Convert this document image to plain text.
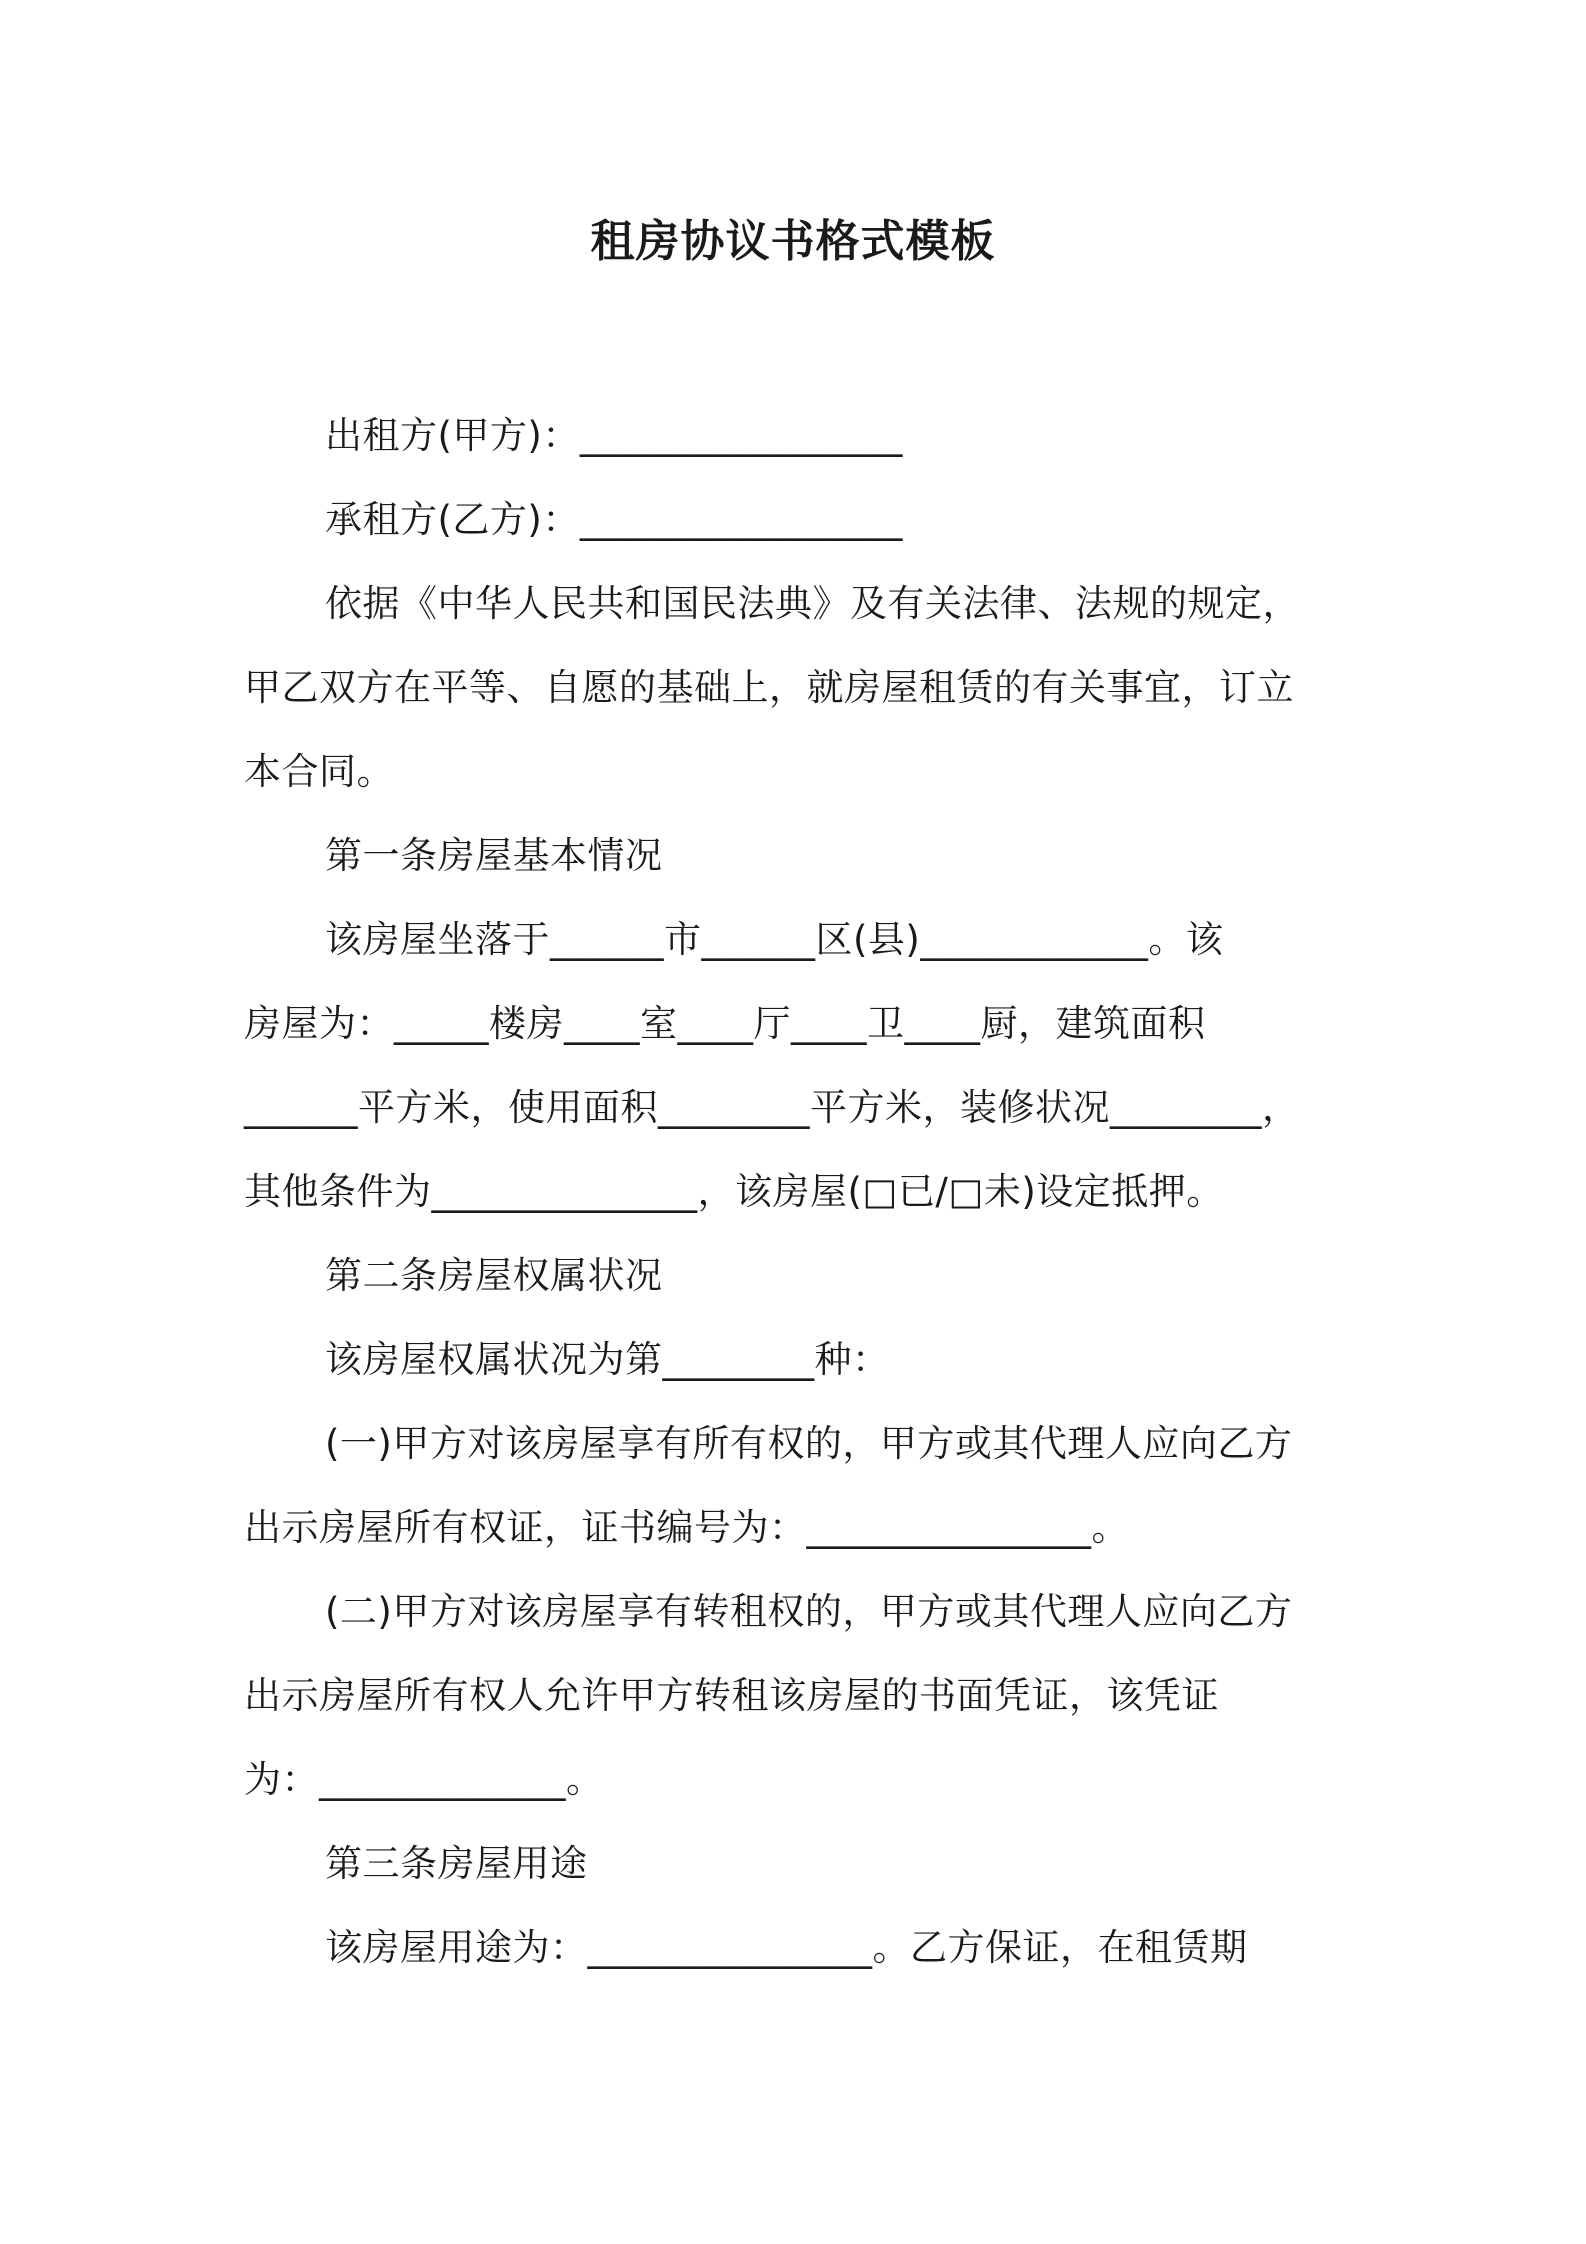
租房协议书格式模板
出租方(甲方)：_________________
承租方(乙方)：_________________
依据《中华人民共和国民法典》及有关法律、法规的规定，
甲乙双方在平等、自愿的基础上，就房屋租赁的有关事宜，订立
本合同。
第一条房屋基本情况
该房屋坐落于______市______区(县)____________。该
房屋为：_____楼房____室____厅____卫____厨，建筑面积
______平方米，使用面积________平方米，装修状况________，
其他条件为______________，该房屋(□已/□未)设定抵押。
第二条房屋权属状况
该房屋权属状况为第________种：
(一)甲方对该房屋享有所有权的，甲方或其代理人应向乙方
出示房屋所有权证，证书编号为：_______________。
(二)甲方对该房屋享有转租权的，甲方或其代理人应向乙方
出示房屋所有权人允许甲方转租该房屋的书面凭证，该凭证
为：_____________。
第三条房屋用途
该房屋用途为：_______________。乙方保证，在租赁期
